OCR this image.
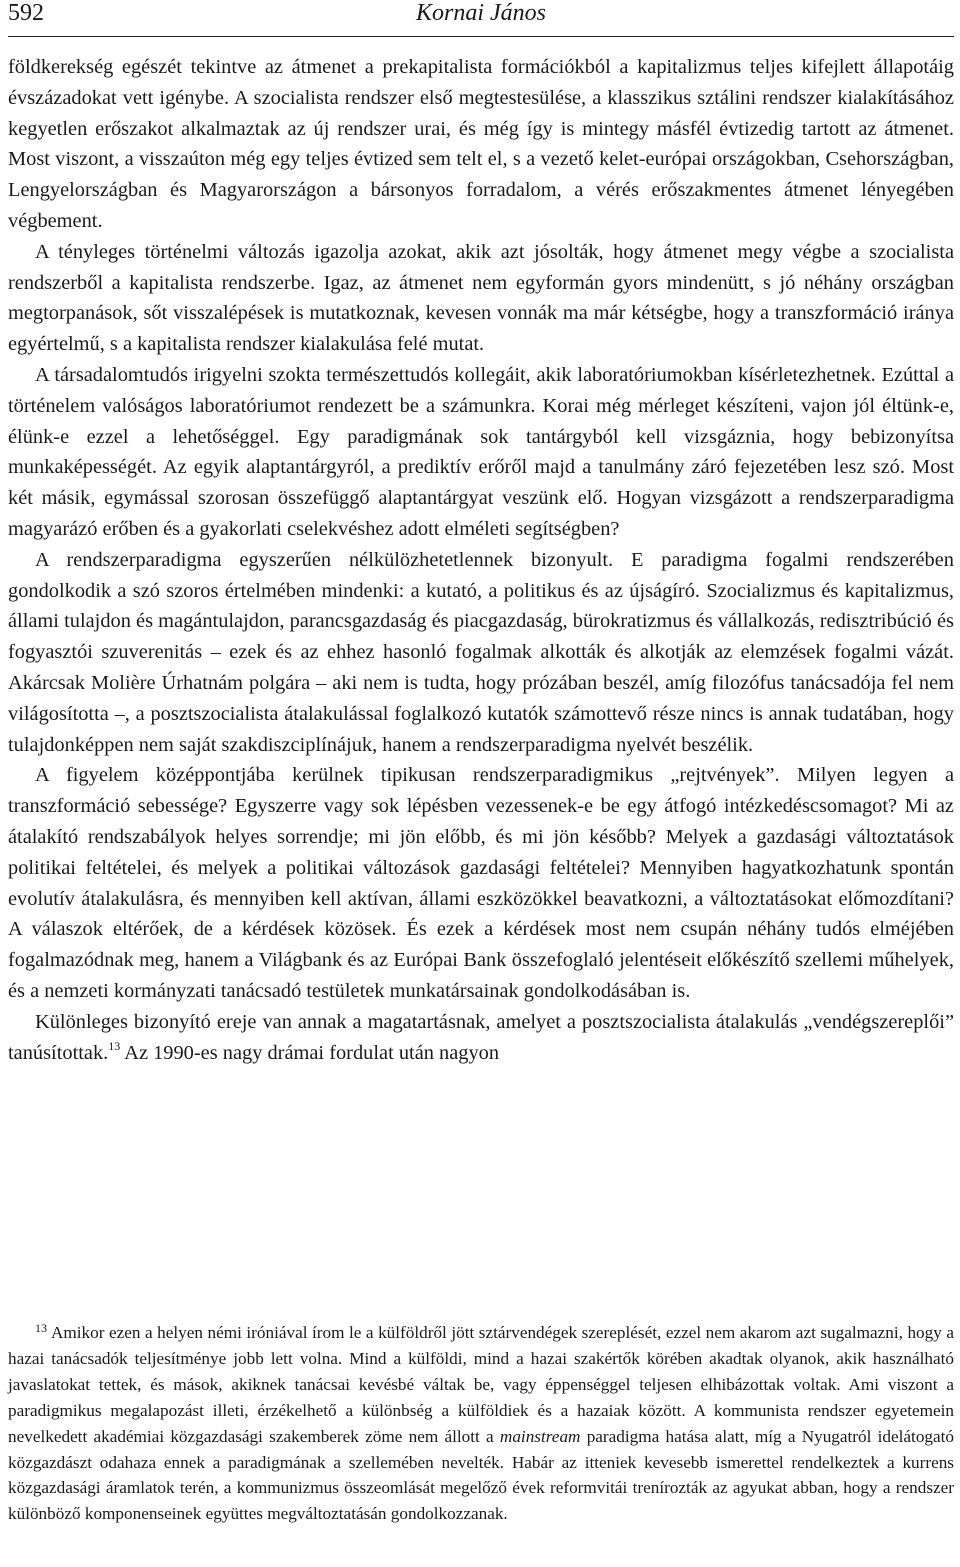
592	Kornai János

földkerekség egészét tekintve az átmenet a prekapitalista formációkból a kapitalizmus teljes kifejlett állapotáig évszázadokat vett igénybe. A szocialista rendszer első megtestesülése, a klasszikus sztálini rendszer kialakításához kegyetlen erőszakot alkalmaztak az új rendszer urai, és még így is mintegy másfél évtizedig tartott az átmenet. Most viszont, a visszaúton még egy teljes évtized sem telt el, s a vezető kelet-európai országokban, Csehországban, Lengyelországban és Magyarországon a bársonyos forradalom, a vérés erőszakmentes átmenet lényegében végbement.

A tényleges történelmi változás igazolja azokat, akik azt jósolták, hogy átmenet megy végbe a szocialista rendszerből a kapitalista rendszerbe. Igaz, az átmenet nem egyformán gyors mindenütt, s jó néhány országban megtorpanások, sőt visszalépések is mutatkoznak, kevesen vonnák ma már kétségbe, hogy a transzformáció iránya egyértelmű, s a kapitalista rendszer kialakulása felé mutat.

A társadalomtudós irigyelni szokta természettudós kollegáit, akik laboratóriumokban kísérletezhetnek. Ezúttal a történelem valóságos laboratóriumot rendezett be a számunkra. Korai még mérleget készíteni, vajon jól éltünk-e, élünk-e ezzel a lehetőséggel. Egy paradigmának sok tantárgyból kell vizsgáznia, hogy bebizonyítsa munkaképességét. Az egyik alaptantárgyról, a prediktív erőről majd a tanulmány záró fejezetében lesz szó. Most két másik, egymással szorosan összefüggő alaptantárgyat veszünk elő. Hogyan vizsgázott a rendszerparadigma magyarázó erőben és a gyakorlati cselekvéshez adott elméleti segítségben?

A rendszerparadigma egyszerűen nélkülözhetetlennek bizonyult. E paradigma fogalmi rendszerében gondolkodik a szó szoros értelmében mindenki: a kutató, a politikus és az újságíró. Szocializmus és kapitalizmus, állami tulajdon és magántulajdon, parancsgazdaság és piacgazdaság, bürokratizmus és vállalkozás, redisztribúció és fogyasztói szuverenitás – ezek és az ehhez hasonló fogalmak alkották és alkotják az elemzések fogalmi vázát. Akárcsak Molière Úrhatnám polgára – aki nem is tudta, hogy prózában beszél, amíg filozófus tanácsadója fel nem világosította –, a posztszocialista átalakulással foglalkozó kutatók számottevő része nincs is annak tudatában, hogy tulajdonképpen nem saját szakdiszciplínájuk, hanem a rendszerparadigma nyelvét beszélik.

A figyelem középpontjába kerülnek tipikusan rendszerparadigmikus „rejtvények”. Milyen legyen a transzformáció sebessége? Egyszerre vagy sok lépésben vezessenek-e be egy átfogó intézkedéscsomagot? Mi az átalakító rendszabályok helyes sorrendje; mi jön előbb, és mi jön később? Melyek a gazdasági változtatások politikai feltételei, és melyek a politikai változások gazdasági feltételei? Mennyiben hagyatkozhatunk spontán evolutív átalakulásra, és mennyiben kell aktívan, állami eszközökkel beavatkozni, a változtatásokat előmozdítani? A válaszok eltérőek, de a kérdések közösek. És ezek a kérdések most nem csupán néhány tudós elméjében fogalmazódnak meg, hanem a Világbank és az Európai Bank összefoglaló jelentéseit előkészítő szellemi műhelyek, és a nemzeti kormányzati tanácsadó testületek munkatársainak gondolkodásában is.

Különleges bizonyító ereje van annak a magatartásnak, amelyet a posztszocialista átalakulás „vendégszereplői” tanúsítottak.$^{13}$ Az 1990-es nagy drámai fordulat után nagyon

$^{13}$ Amikor ezen a helyen némi iróniával írom le a külföldről jött sztárvendégek szereplését, ezzel nem akarom azt sugalmazni, hogy a hazai tanácsadók teljesítménye jobb lett volna. Mind a külföldi, mind a hazai szakértők körében akadtak olyanok, akik használható javaslatokat tettek, és mások, akiknek tanácsai kevésbé váltak be, vagy éppenséggel teljesen elhibázottak voltak. Ami viszont a paradigmikus megalapozást illeti, érzékelhető a különbség a külföldiek és a hazaiak között. A kommunista rendszer egyetemein nevelkedett akadémiai közgazdasági szakemberek zöme nem állott a mainstream paradigma hatása alatt, míg a Nyugatról idelátogató közgazdászt odahaza ennek a paradigmának a szellemében nevelték. Habár az itteniek kevesebb ismerettel rendelkeztek a kurrens közgazdasági áramlatok terén, a kommunizmus összeomlását megelőző évek reformvitái trenírozták az agyukat abban, hogy a rendszer különböző komponenseinek együttes megváltoztatásán gondolkozzanak.
